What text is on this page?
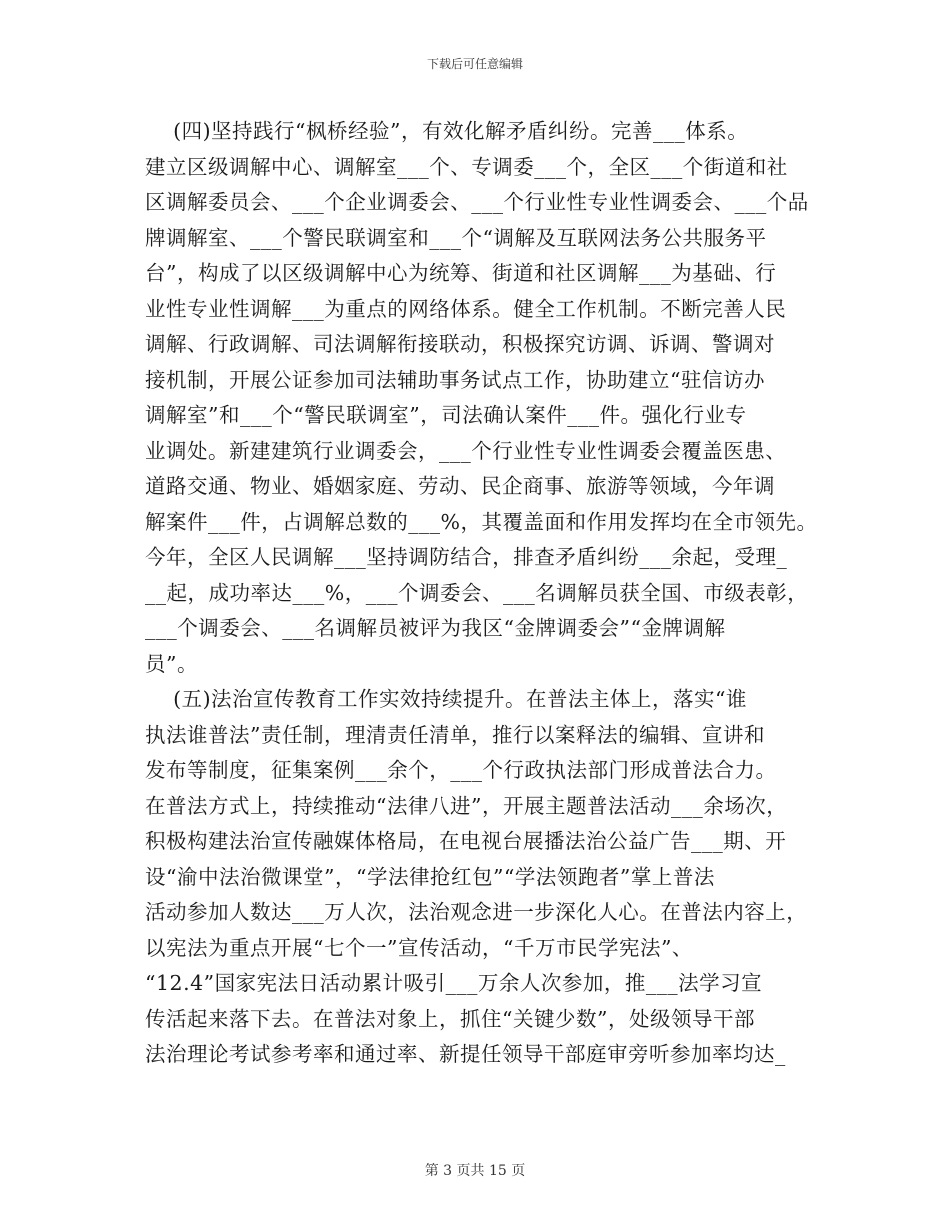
下载后可任意编辑
(四)坚持践行“枫桥经验”，有效化解矛盾纠纷。完善___体系。
建立区级调解中心、调解室___个、专调委___个，全区___个街道和社
区调解委员会、___个企业调委会、___个行业性专业性调委会、___个品
牌调解室、___个警民联调室和___个“调解及互联网法务公共服务平
台”，构成了以区级调解中心为统筹、街道和社区调解___为基础、行
业性专业性调解___为重点的网络体系。健全工作机制。不断完善人民
调解、行政调解、司法调解衔接联动，积极探究访调、诉调、警调对
接机制，开展公证参加司法辅助事务试点工作，协助建立“驻信访办
调解室”和___个“警民联调室”，司法确认案件___件。强化行业专
业调处。新建建筑行业调委会，___个行业性专业性调委会覆盖医患、
道路交通、物业、婚姻家庭、劳动、民企商事、旅游等领域，今年调
解案件___件，占调解总数的___%，其覆盖面和作用发挥均在全市领先。
今年，全区人民调解___坚持调防结合，排查矛盾纠纷___余起，受理_
__起，成功率达___%，___个调委会、___名调解员获全国、市级表彰，
___个调委会、___名调解员被评为我区“金牌调委会”“金牌调解
员”。
(五)法治宣传教育工作实效持续提升。在普法主体上，落实“谁
执法谁普法”责任制，理清责任清单，推行以案释法的编辑、宣讲和
发布等制度，征集案例___余个，___个行政执法部门形成普法合力。
在普法方式上，持续推动“法律八进”，开展主题普法活动___余场次，
积极构建法治宣传融媒体格局，在电视台展播法治公益广告___期、开
设“渝中法治微课堂”，“学法律抢红包”“学法领跑者”掌上普法
活动参加人数达___万人次，法治观念进一步深化人心。在普法内容上，
以宪法为重点开展“七个一”宣传活动，“千万市民学宪法”、
“12.4”国家宪法日活动累计吸引___万余人次参加，推___法学习宣
传活起来落下去。在普法对象上，抓住“关键少数”，处级领导干部
法治理论考试参考率和通过率、新提任领导干部庭审旁听参加率均达_
第 3 页共 15 页
